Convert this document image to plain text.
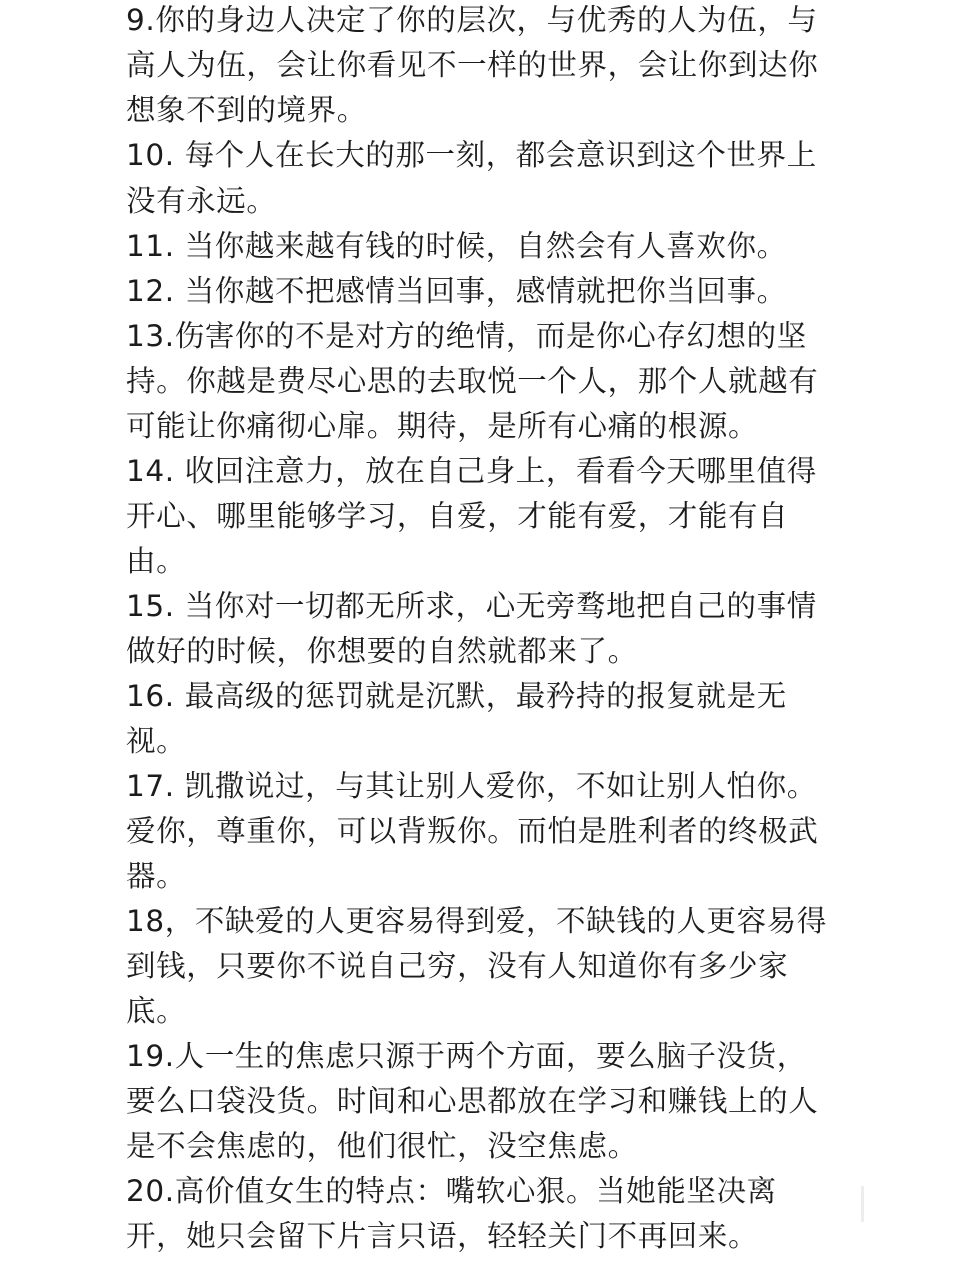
9.你的身边人决定了你的层次，与优秀的人为伍，与
高人为伍，会让你看见不一样的世界，会让你到达你
想象不到的境界。
10. 每个人在长大的那一刻，都会意识到这个世界上
没有永远。
11. 当你越来越有钱的时候，自然会有人喜欢你。
12. 当你越不把感情当回事，感情就把你当回事。
13.伤害你的不是对方的绝情，而是你心存幻想的坚
持。你越是费尽心思的去取悦一个人，那个人就越有
可能让你痛彻心扉。期待，是所有心痛的根源。
14. 收回注意力，放在自己身上，看看今天哪里值得
开心、哪里能够学习，自爱，才能有爱，才能有自
由。
15. 当你对一切都无所求，心无旁骛地把自己的事情
做好的时候，你想要的自然就都来了。
16. 最高级的惩罚就是沉默，最矜持的报复就是无
视。
17. 凯撒说过，与其让别人爱你，不如让别人怕你。
爱你，尊重你，可以背叛你。而怕是胜利者的终极武
器。
18，不缺爱的人更容易得到爱，不缺钱的人更容易得
到钱，只要你不说自己穷，没有人知道你有多少家
底。
19.人一生的焦虑只源于两个方面，要么脑子没货，
要么口袋没货。时间和心思都放在学习和赚钱上的人
是不会焦虑的，他们很忙，没空焦虑。
20.高价值女生的特点：嘴软心狠。当她能坚决离
开，她只会留下片言只语，轻轻关门不再回来。
